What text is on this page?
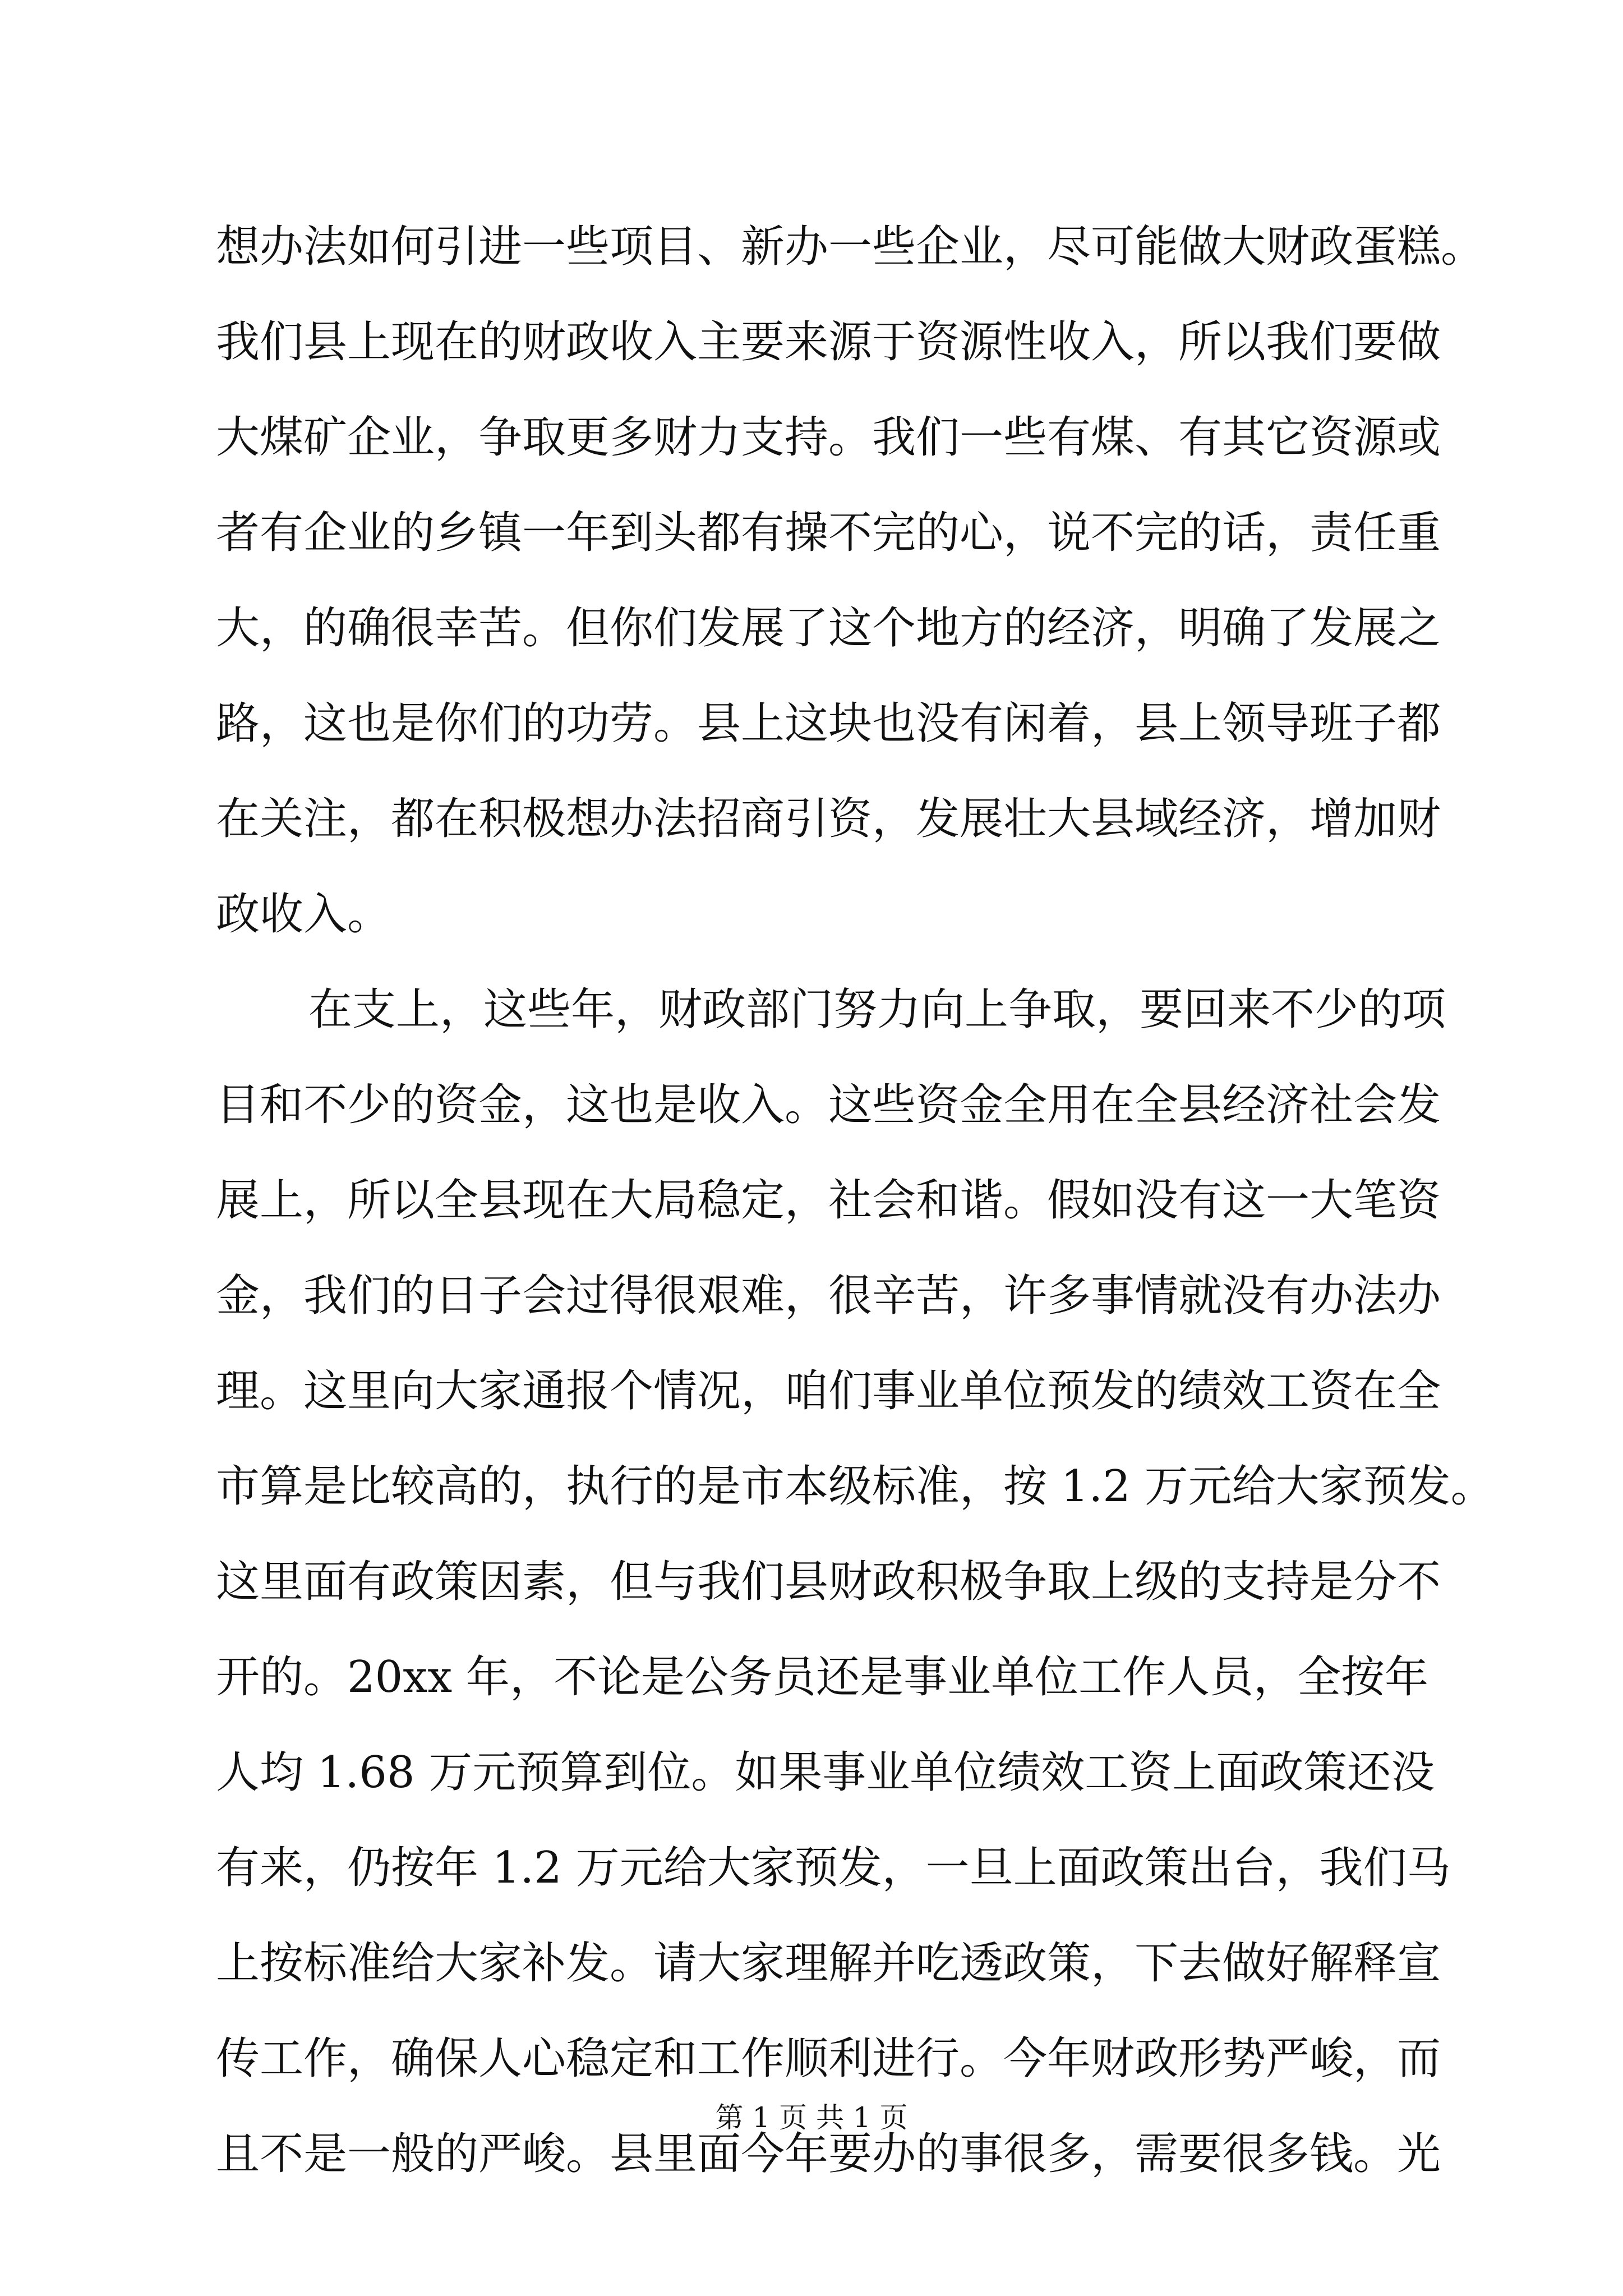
想办法如何引进一些项目、新办一些企业，尽可能做大财政蛋糕。
我们县上现在的财政收入主要来源于资源性收入，所以我们要做
大煤矿企业，争取更多财力支持。我们一些有煤、有其它资源或
者有企业的乡镇一年到头都有操不完的心，说不完的话，责任重
大，的确很幸苦。但你们发展了这个地方的经济，明确了发展之
路，这也是你们的功劳。县上这块也没有闲着，县上领导班子都
在关注，都在积极想办法招商引资，发展壮大县域经济，增加财
政收入。
在支上，这些年，财政部门努力向上争取，要回来不少的项
目和不少的资金，这也是收入。这些资金全用在全县经济社会发
展上，所以全县现在大局稳定，社会和谐。假如没有这一大笔资
金，我们的日子会过得很艰难，很辛苦，许多事情就没有办法办
理。这里向大家通报个情况，咱们事业单位预发的绩效工资在全
市算是比较高的，执行的是市本级标准，按 1.2 万元给大家预发。
这里面有政策因素，但与我们县财政积极争取上级的支持是分不
开的。20xx 年，不论是公务员还是事业单位工作人员，全按年
人均 1.68 万元预算到位。如果事业单位绩效工资上面政策还没
有来，仍按年 1.2 万元给大家预发，一旦上面政策出台，我们马
上按标准给大家补发。请大家理解并吃透政策，下去做好解释宣
传工作，确保人心稳定和工作顺利进行。今年财政形势严峻，而
且不是一般的严峻。县里面今年要办的事很多，需要很多钱。光
第 1 页 共 1 页
